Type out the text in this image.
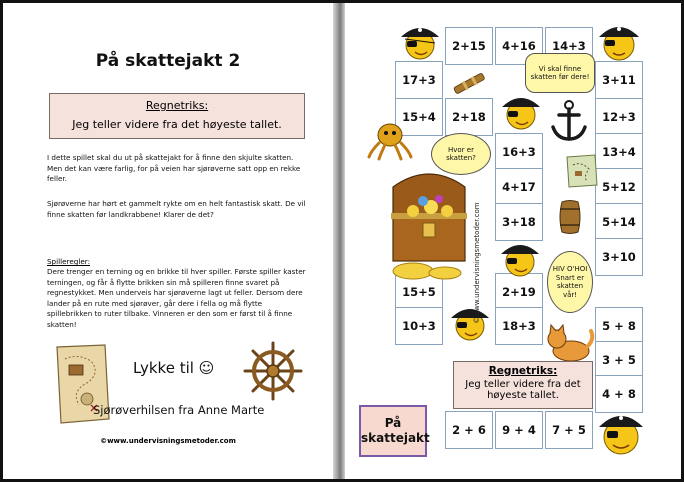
På skattejakt 2
Regnetriks:
Jeg teller videre fra det høyeste tallet.
I dette spillet skal du ut på skattejakt for å finne den skjulte skatten. Men det kan være farlig, for på veien har sjørøverne satt opp en rekke feller.
Sjørøverne har hørt et gammelt rykte om en helt fantastisk skatt. De vil finne skatten før landkrabbene! Klarer de det?
Spilleregler:
Dere trenger en terning og en brikke til hver spiller. Første spiller kaster terningen, og får å flytte brikken sin må spilleren finne svaret på regnestykket. Men underveis har sjørøverne lagt ut feller. Dersom dere lander på en rute med sjørøver, går dere i fella og må flytte spillebrikken to ruter tilbake. Vinneren er den som er først til å finne skatten!
Lykke til ☺
Sjørøverhilsen fra Anne Marte
©www.undervisningsmetoder.com
2+15	4+16	14+3
17+3	3+11
15+4	2+18	12+3
16+3	13+4
4+17	5+12
3+18	5+14
3+10
15+5	2+19
10+3	18+3	5 + 8
3 + 5
4 + 8
2 + 6	9 + 4	7 + 5
Vi skal finne skatten før dere!
Hvor er skatten?
HIV O'HOI Snart er skatten vår!
©www.undervisningsmetoder.com
Regnetriks:
Jeg teller videre fra det høyeste tallet.
På skattejakt
